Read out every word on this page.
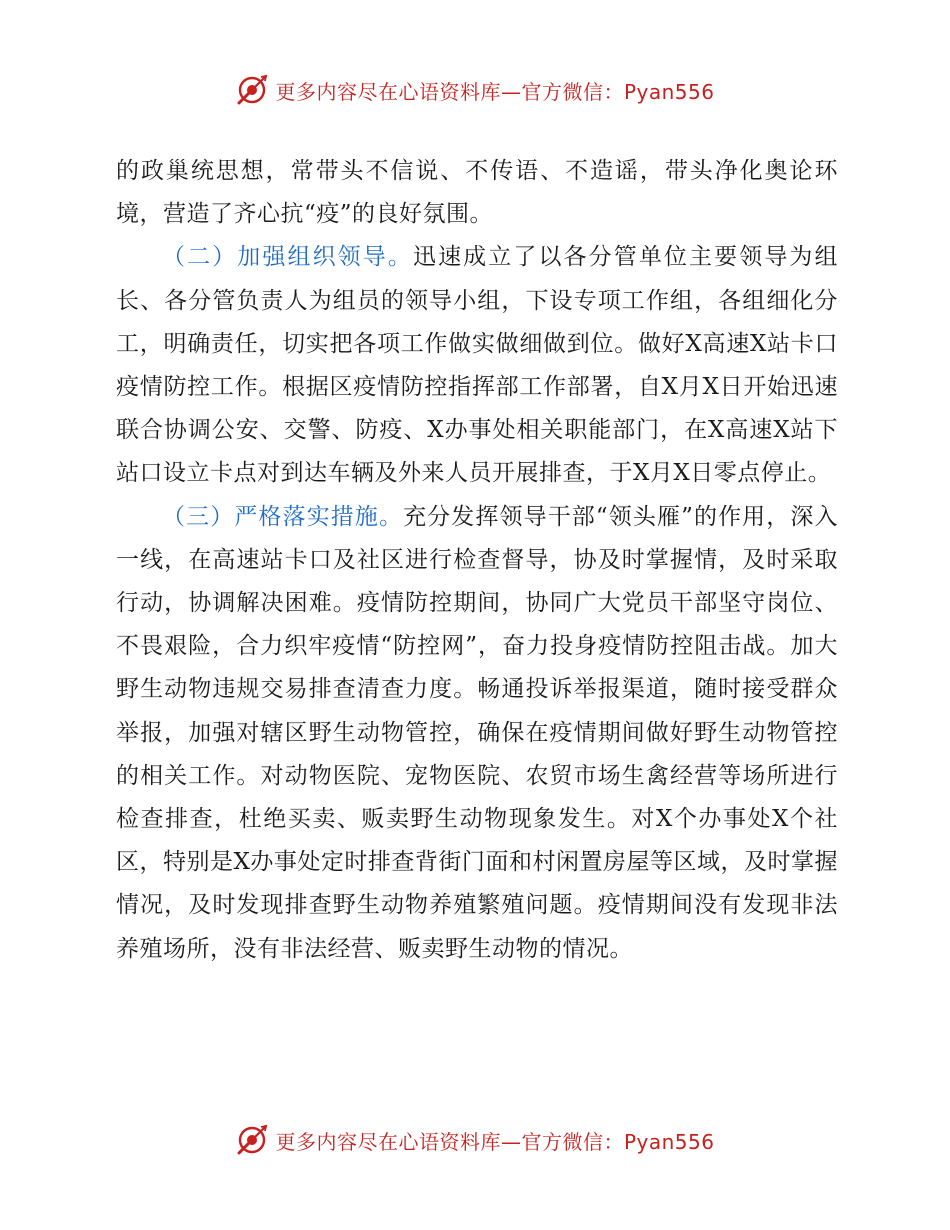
更多内容尽在心语资料库—官方微信：Pyan556

的政巢统思想，常带头不信说、不传语、不造谣，带头净化奥论环境，营造了齐心抗“疫”的良好氛围。

（二）加强组织领导。迅速成立了以各分管单位主要领导为组长、各分管负责人为组员的领导小组，下设专项工作组，各组细化分工，明确责任，切实把各项工作做实做细做到位。做好X高速X站卡口疫情防控工作。根据区疫情防控指挥部工作部署，自X月X日开始迅速联合协调公安、交警、防疫、X办事处相关职能部门，在X高速X站下站口设立卡点对到达车辆及外来人员开展排查，于X月X日零点停止。

（三）严格落实措施。充分发挥领导干部“领头雁”的作用，深入一线，在高速站卡口及社区进行检查督导，协及时掌握情，及时采取行动，协调解决困难。疫情防控期间，协同广大党员干部坚守岗位、不畏艰险，合力织牢疫情“防控网”，奋力投身疫情防控阻击战。加大野生动物违规交易排查清查力度。畅通投诉举报渠道，随时接受群众举报，加强对辖区野生动物管控，确保在疫情期间做好野生动物管控的相关工作。对动物医院、宠物医院、农贸市场生禽经营等场所进行检查排查，杜绝买卖、贩卖野生动物现象发生。对X个办事处X个社区，特别是X办事处定时排查背街门面和村闲置房屋等区域，及时掌握情况，及时发现排查野生动物养殖繁殖问题。疫情期间没有发现非法养殖场所，没有非法经营、贩卖野生动物的情况。

更多内容尽在心语资料库—官方微信：Pyan556
